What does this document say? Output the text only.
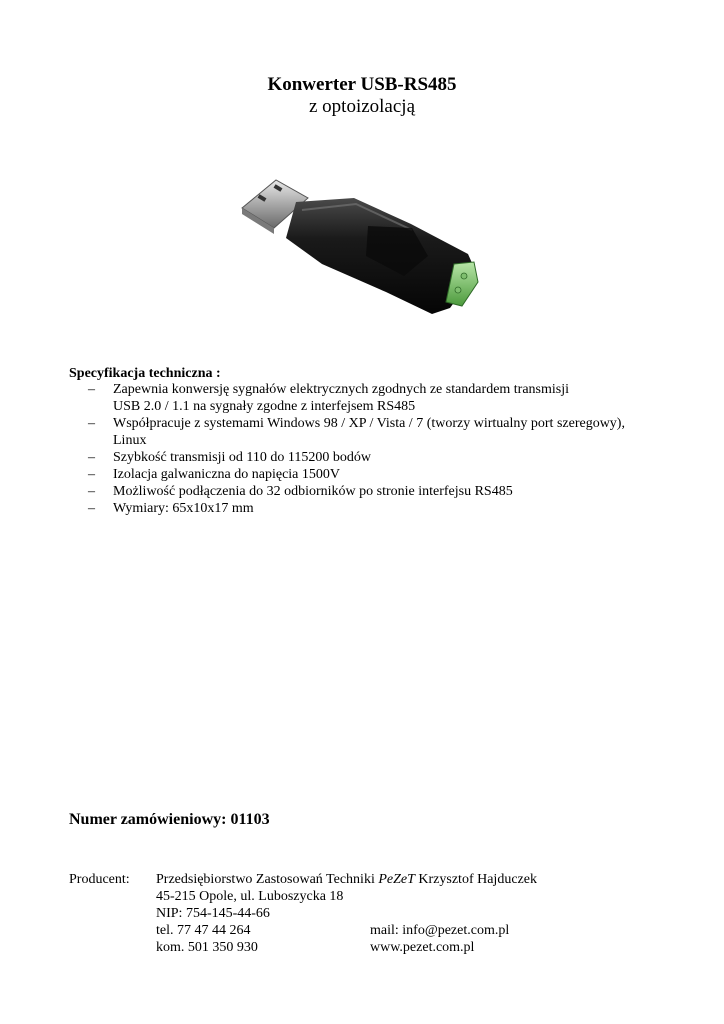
Konwerter USB-RS485
z optoizolacją
Specyfikacja techniczna :
– Zapewnia konwersję sygnałów elektrycznych zgodnych ze standardem transmisji
USB 2.0 / 1.1 na sygnały zgodne z interfejsem RS485
– Współpracuje z systemami Windows 98 / XP / Vista / 7 (tworzy wirtualny port szeregowy),
Linux
– Szybkość transmisji od 110 do 115200 bodów
– Izolacja galwaniczna do napięcia 1500V
– Możliwość podłączenia do 32 odbiorników po stronie interfejsu RS485
– Wymiary: 65x10x17 mm
Numer zamówieniowy: 01103
Producent: Przedsiębiorstwo Zastosowań Techniki PeZeT Krzysztof Hajduczek
45-215 Opole, ul. Luboszycka 18
NIP: 754-145-44-66
tel. 77 47 44 264	mail: info@pezet.com.pl
kom. 501 350 930	www.pezet.com.pl
